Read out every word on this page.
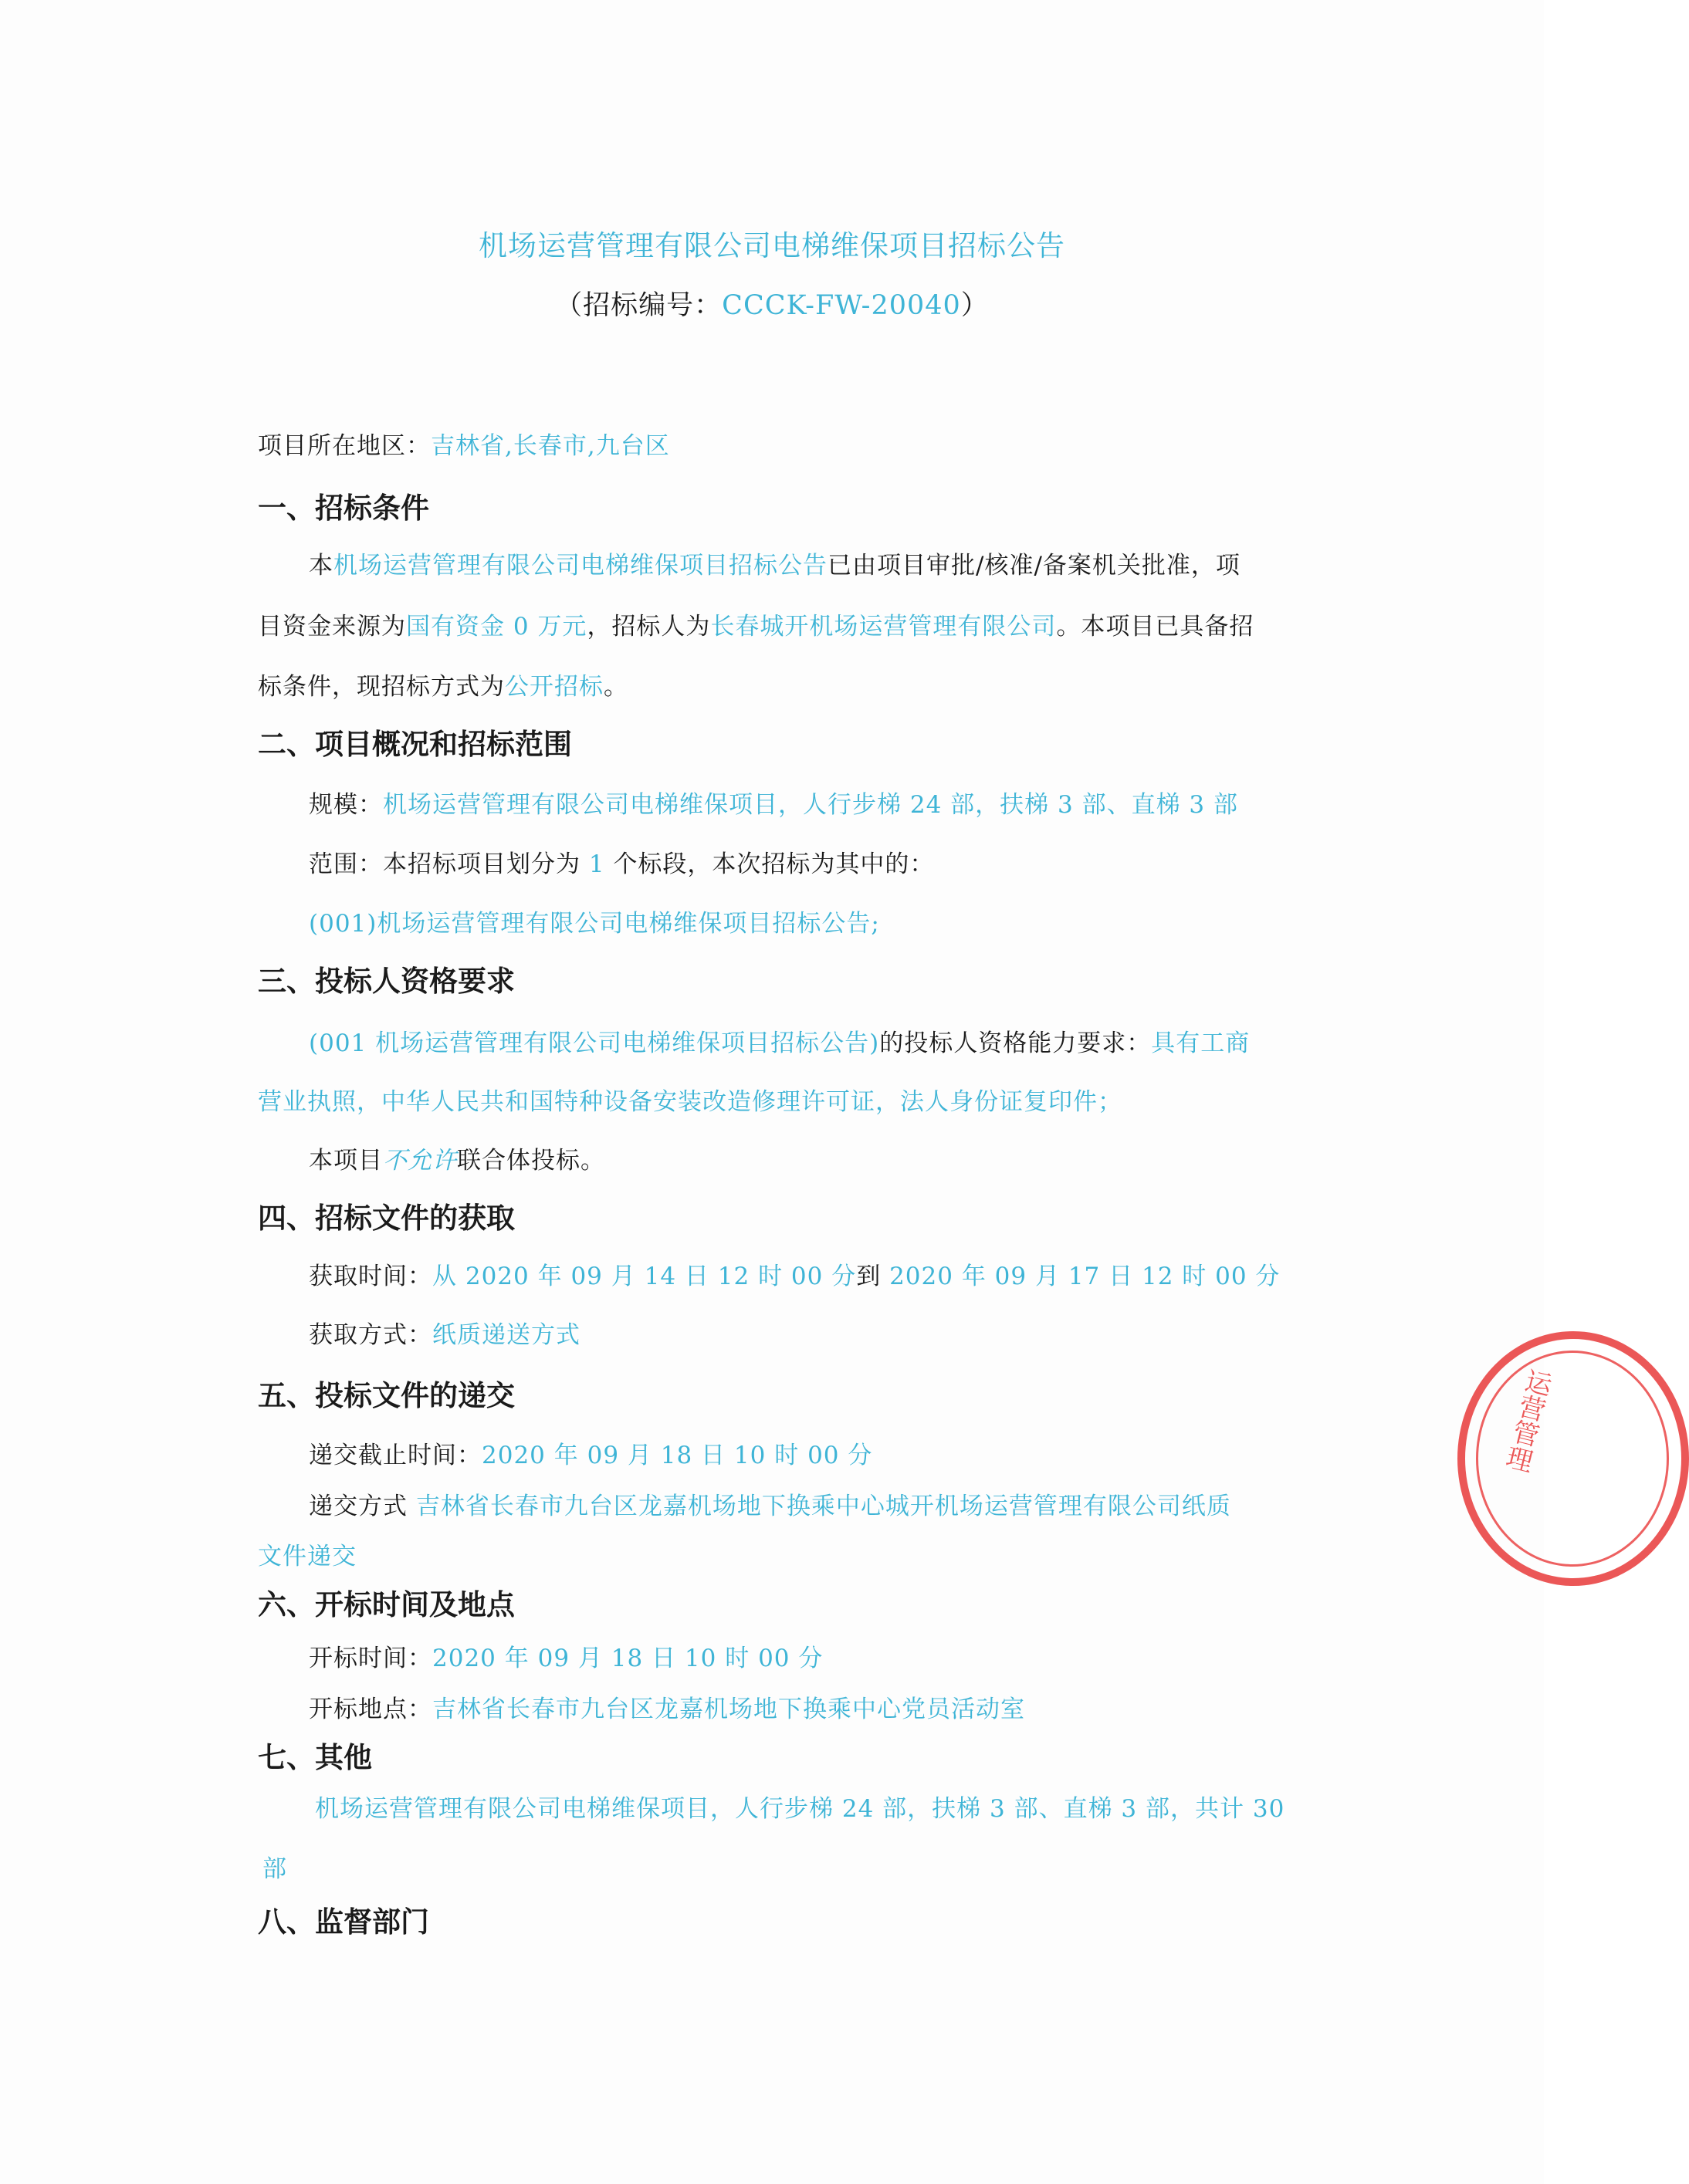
机场运营管理有限公司电梯维保项目招标公告
（招标编号：CCCK-FW-20040）
项目所在地区：吉林省,长春市,九台区
一、招标条件
本机场运营管理有限公司电梯维保项目招标公告已由项目审批/核准/备案机关批准，项
目资金来源为国有资金 0 万元，招标人为长春城开机场运营管理有限公司。本项目已具备招
标条件，现招标方式为公开招标。
二、项目概况和招标范围
规模：机场运营管理有限公司电梯维保项目，人行步梯 24 部，扶梯 3 部、直梯 3 部
范围：本招标项目划分为 1 个标段，本次招标为其中的：
(001)机场运营管理有限公司电梯维保项目招标公告;
三、投标人资格要求
(001 机场运营管理有限公司电梯维保项目招标公告)的投标人资格能力要求：具有工商
营业执照，中华人民共和国特种设备安装改造修理许可证，法人身份证复印件；
本项目不允许联合体投标。
四、招标文件的获取
获取时间：从 2020 年 09 月 14 日 12 时 00 分到 2020 年 09 月 17 日 12 时 00 分
获取方式：纸质递送方式
五、投标文件的递交
递交截止时间：2020 年 09 月 18 日 10 时 00 分
递交方式 吉林省长春市九台区龙嘉机场地下换乘中心城开机场运营管理有限公司纸质
文件递交
六、开标时间及地点
开标时间：2020 年 09 月 18 日 10 时 00 分
开标地点：吉林省长春市九台区龙嘉机场地下换乘中心党员活动室
七、其他
机场运营管理有限公司电梯维保项目，人行步梯 24 部，扶梯 3 部、直梯 3 部，共计 30
部
八、监督部门
运营管理
